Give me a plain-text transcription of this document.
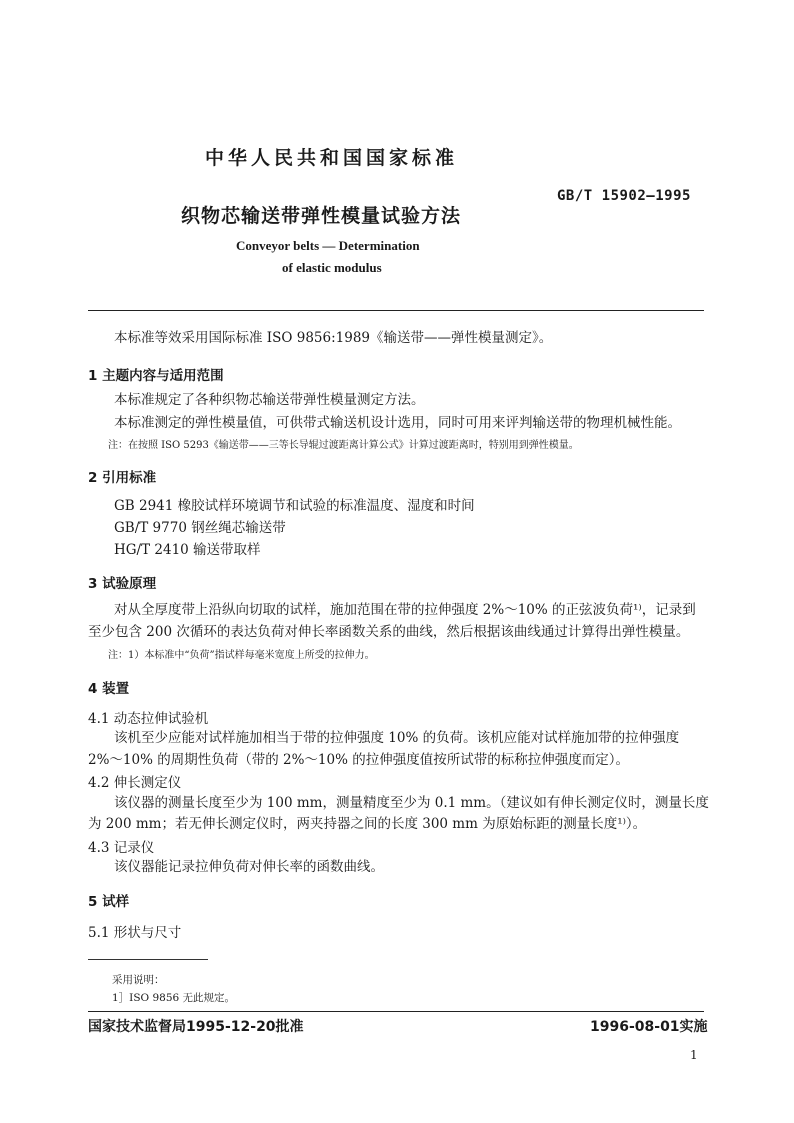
中华人民共和国国家标准
GB/T 15902—1995
织物芯输送带弹性模量试验方法
Conveyor belts — Determination
of elastic modulus
本标准等效采用国际标准 ISO 9856:1989《输送带——弹性模量测定》。
1 主题内容与适用范围
本标准规定了各种织物芯输送带弹性模量测定方法。
本标准测定的弹性模量值，可供带式输送机设计选用，同时可用来评判输送带的物理机械性能。
注：在按照 ISO 5293《输送带——三等长导辊过渡距离计算公式》计算过渡距离时，特别用到弹性模量。
2 引用标准
GB 2941 橡胶试样环境调节和试验的标准温度、湿度和时间
GB/T 9770 钢丝绳芯输送带
HG/T 2410 输送带取样
3 试验原理
对从全厚度带上沿纵向切取的试样，施加范围在带的拉伸强度 2%～10% 的正弦波负荷¹⁾，记录到
至少包含 200 次循环的表达负荷对伸长率函数关系的曲线，然后根据该曲线通过计算得出弹性模量。
注：1）本标准中“负荷”指试样每毫米宽度上所受的拉伸力。
4 装置
4.1 动态拉伸试验机
该机至少应能对试样施加相当于带的拉伸强度 10% 的负荷。该机应能对试样施加带的拉伸强度
2%～10% 的周期性负荷（带的 2%～10% 的拉伸强度值按所试带的标称拉伸强度而定）。
4.2 伸长测定仪
该仪器的测量长度至少为 100 mm，测量精度至少为 0.1 mm。（建议如有伸长测定仪时，测量长度
为 200 mm；若无伸长测定仪时，两夹持器之间的长度 300 mm 为原始标距的测量长度¹⁾）。
4.3 记录仪
该仪器能记录拉伸负荷对伸长率的函数曲线。
5 试样
5.1 形状与尺寸
采用说明：
1］ISO 9856 无此规定。
国家技术监督局1995-12-20批准	1996-08-01实施
1
